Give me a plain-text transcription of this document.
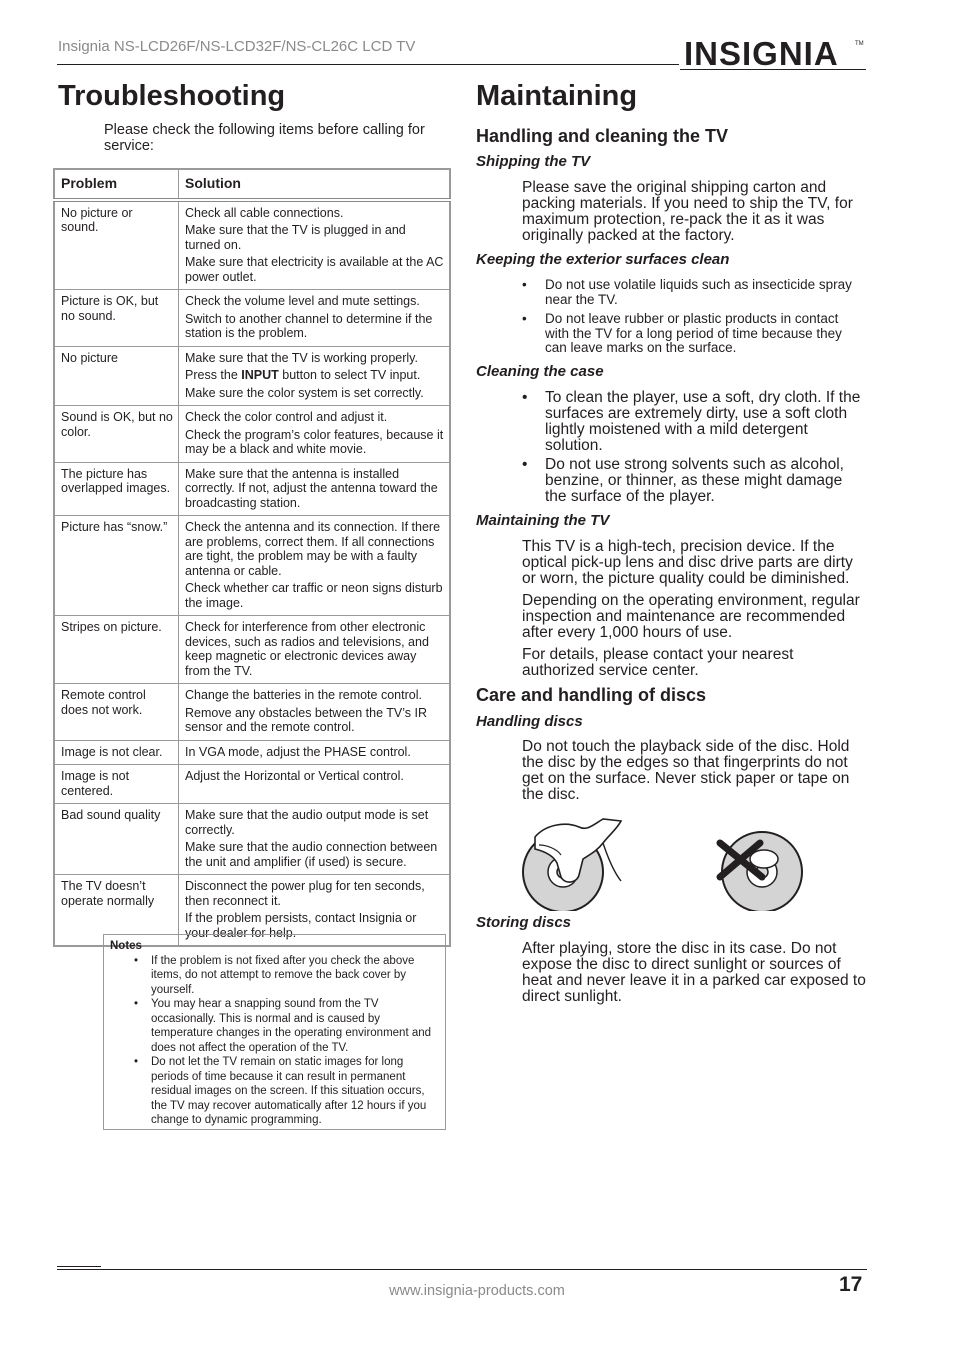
Insignia NS-LCD26F/NS-LCD32F/NS-CL26C LCD TV	INSIGNIA	TM
Troubleshooting
Please check the following items before calling for service:
Problem	Solution
No picture or sound.	Check all cable connections.

Make sure that the TV is plugged in and turned on.

Make sure that electricity is available at the AC power outlet.

Picture is OK, but no sound.	Check the volume level and mute settings.

Switch to another channel to determine if the station is the problem.

No picture	Make sure that the TV is working properly.

Press the INPUT button to select TV input.

Make sure the color system is set correctly.

Sound is OK, but no color.	Check the color control and adjust it.

Check the program’s color features, because it may be a black and white movie.

The picture has overlapped images.	Make sure that the antenna is installed correctly. If not, adjust the antenna toward the broadcasting station.

Picture has “snow.”	Check the antenna and its connection. If there are problems, correct them. If all connections are tight, the problem may be with a faulty antenna or cable.

Check whether car traffic or neon signs disturb the image.

Stripes on picture.	Check for interference from other electronic devices, such as radios and televisions, and keep magnetic or electronic devices away from the TV.

Remote control does not work.	Change the batteries in the remote control.

Remove any obstacles between the TV’s IR sensor and the remote control.

Image is not clear.	In VGA mode, adjust the PHASE control.

Image is not centered.	Adjust the Horizontal or Vertical control.

Bad sound quality	Make sure that the audio output mode is set correctly.

Make sure that the audio connection between the unit and amplifier (if used) is secure.

The TV doesn’t operate normally	Disconnect the power plug for ten seconds, then reconnect it.

If the problem persists, contact Insignia or your dealer for help.

Notes
• If the problem is not fixed after you check the above items, do not attempt to remove the back cover by yourself.
• You may hear a snapping sound from the TV occasionally. This is normal and is caused by temperature changes in the operating environment and does not affect the operation of the TV.
• Do not let the TV remain on static images for long periods of time because it can result in permanent residual images on the screen. If this situation occurs, the TV may recover automatically after 12 hours if you change to dynamic programming.
Maintaining
Handling and cleaning the TV
Shipping the TV

Please save the original shipping carton and packing materials. If you need to ship the TV, for maximum protection, re-pack the it as it was originally packed at the factory.

Keeping the exterior surfaces clean
• Do not use volatile liquids such as insecticide spray near the TV.
• Do not leave rubber or plastic products in contact with the TV for a long period of time because they can leave marks on the surface.
Cleaning the case
• To clean the player, use a soft, dry cloth. If the surfaces are extremely dirty, use a soft cloth lightly moistened with a mild detergent solution.
• Do not use strong solvents such as alcohol, benzine, or thinner, as these might damage the surface of the player.
Maintaining the TV

This TV is a high-tech, precision device. If the optical pick-up lens and disc drive parts are dirty or worn, the picture quality could be diminished.

Depending on the operating environment, regular inspection and maintenance are recommended after every 1,000 hours of use.

For details, please contact your nearest authorized service center.

Care and handling of discs
Handling discs

Do not touch the playback side of the disc. Hold the disc by the edges so that fingerprints do not get on the surface. Never stick paper or tape on the disc.

Storing discs

After playing, store the disc in its case. Do not expose the disc to direct sunlight or sources of heat and never leave it in a parked car exposed to direct sunlight.

www.insignia-products.com	17
